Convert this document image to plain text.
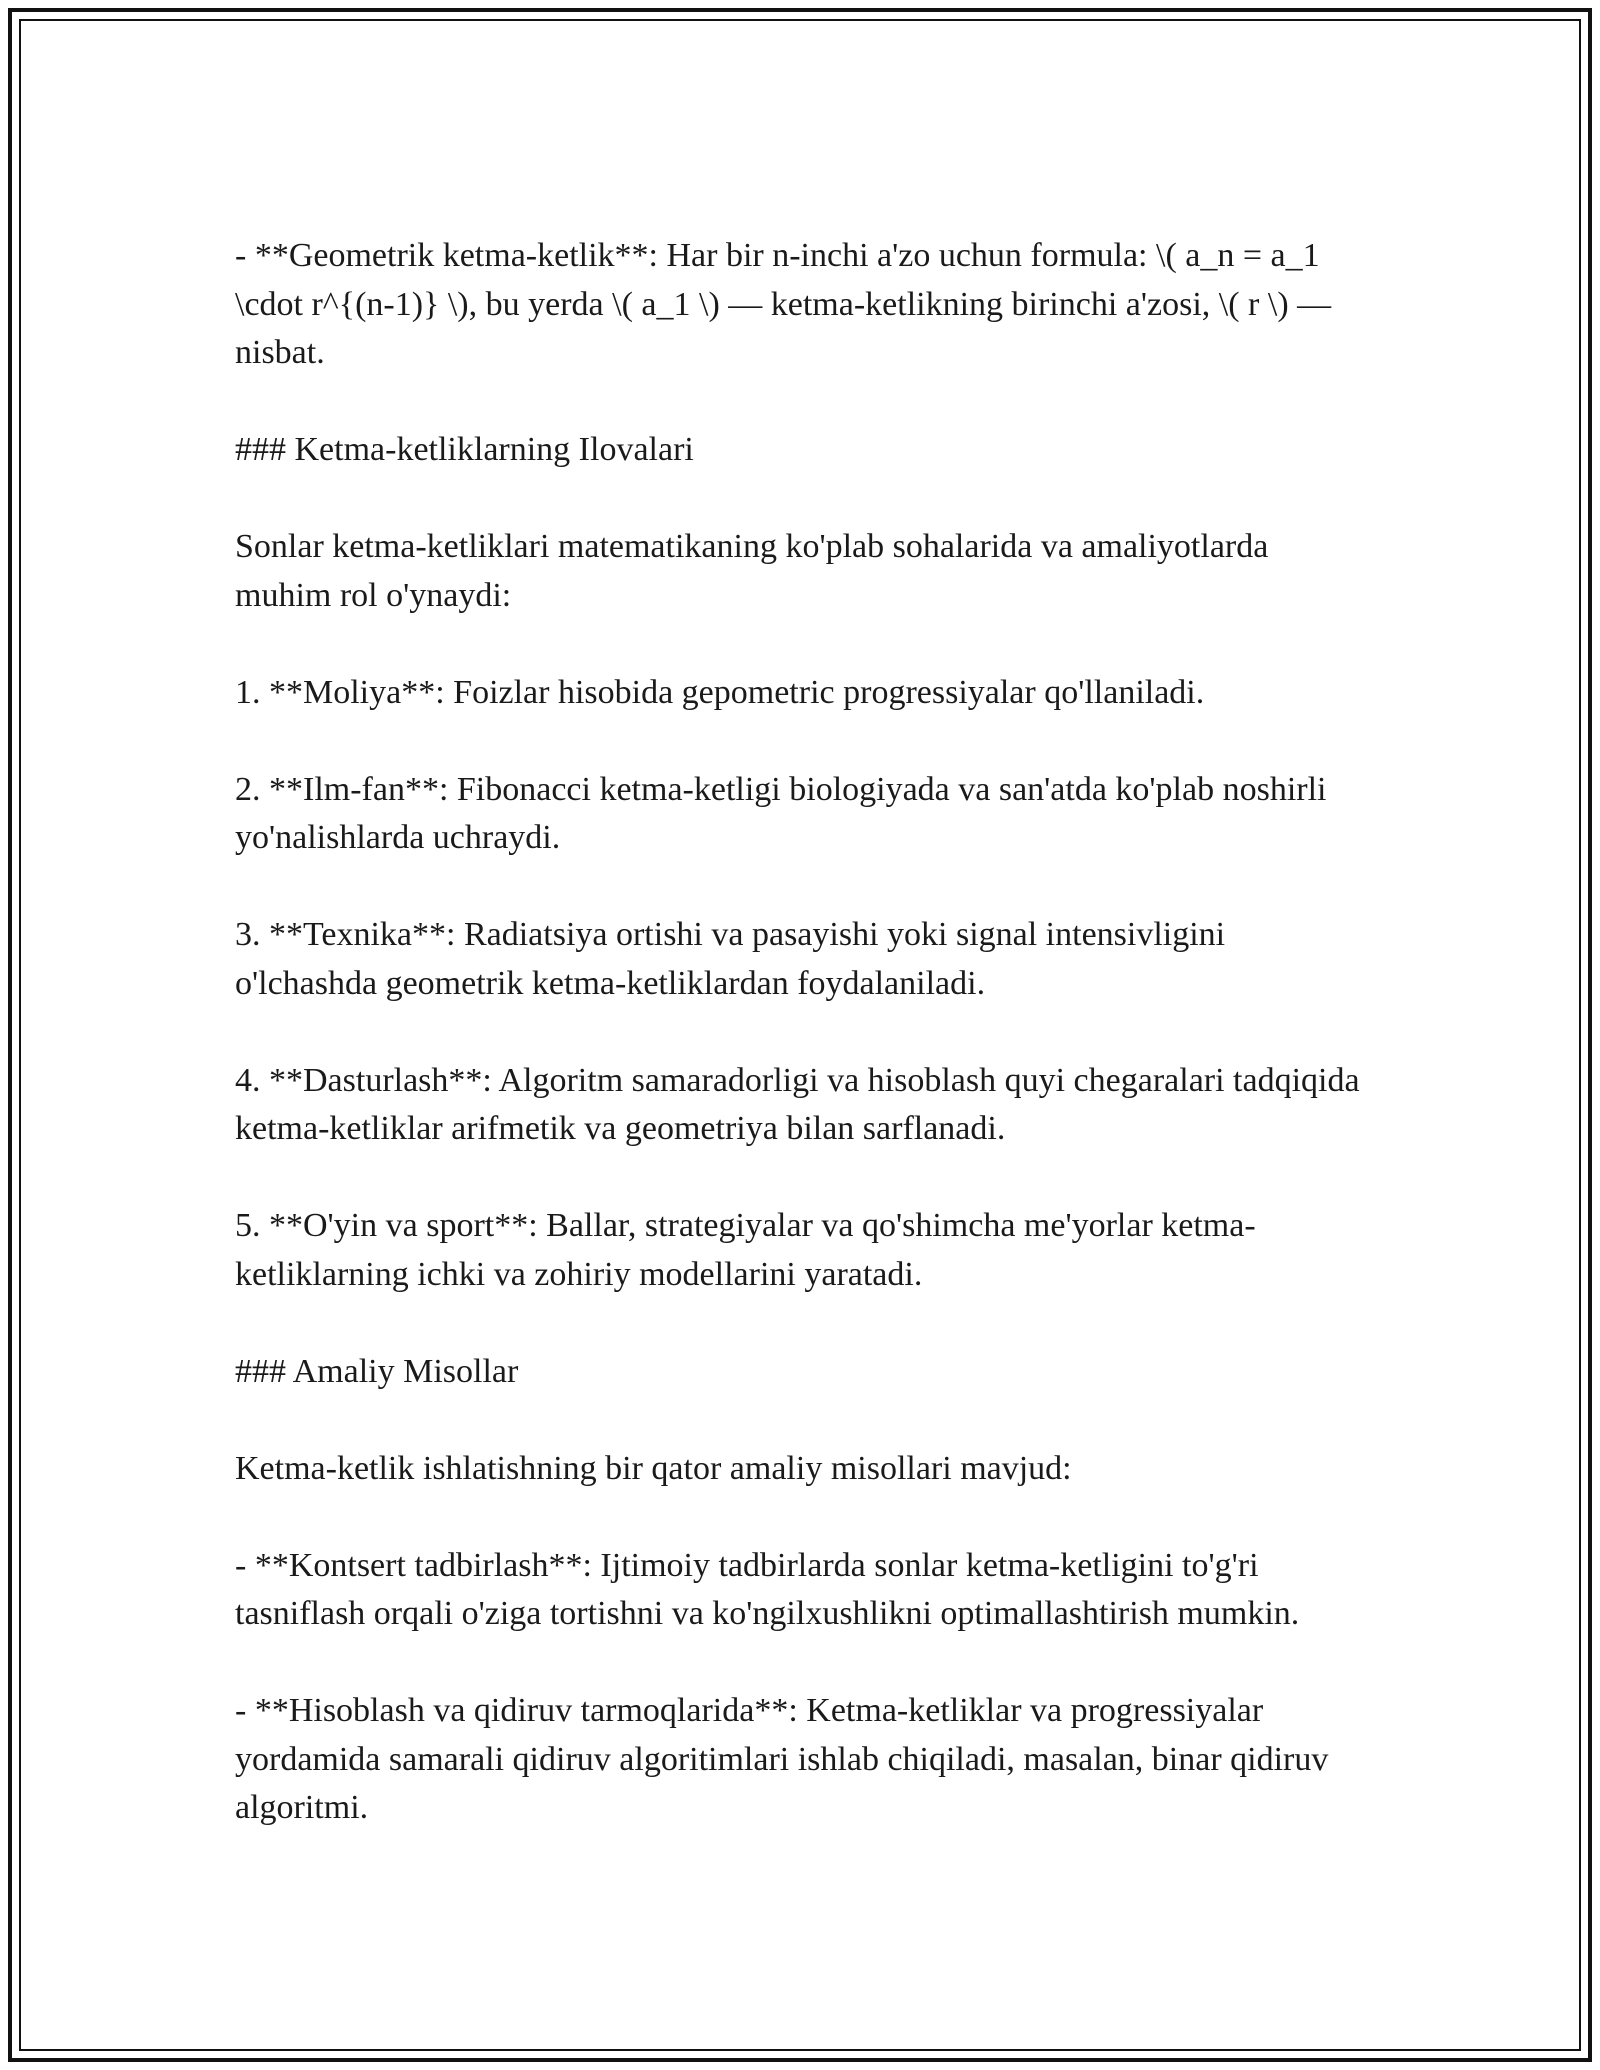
- **Geometrik ketma-ketlik**: Har bir n-inchi a'zo uchun formula: \( a_n = a_1 \cdot r^{(n-1)} \), bu yerda \( a_1 \) — ketma-ketlikning birinchi a'zosi, \( r \) — nisbat.

### Ketma-ketliklarning Ilovalari

Sonlar ketma-ketliklari matematikaning ko'plab sohalarida va amaliyotlarda muhim rol o'ynaydi:

1. **Moliya**: Foizlar hisobida gepometric progressiyalar qo'llaniladi.

2. **Ilm-fan**: Fibonacci ketma-ketligi biologiyada va san'atda ko'plab noshirli yo'nalishlarda uchraydi.

3. **Texnika**: Radiatsiya ortishi va pasayishi yoki signal intensivligini o'lchashda geometrik ketma-ketliklardan foydalaniladi.

4. **Dasturlash**: Algoritm samaradorligi va hisoblash quyi chegaralari tadqiqida ketma-ketliklar arifmetik va geometriya bilan sarflanadi.

5. **O'yin va sport**: Ballar, strategiyalar va qo'shimcha me'yorlar ketma-ketliklarning ichki va zohiriy modellarini yaratadi.

### Amaliy Misollar

Ketma-ketlik ishlatishning bir qator amaliy misollari mavjud:

- **Kontsert tadbirlash**: Ijtimoiy tadbirlarda sonlar ketma-ketligini to'g'ri tasniflash orqali o'ziga tortishni va ko'ngilxushlikni optimallashtirish mumkin.

- **Hisoblash va qidiruv tarmoqlarida**: Ketma-ketliklar va progressiyalar yordamida samarali qidiruv algoritimlari ishlab chiqiladi, masalan, binar qidiruv algoritmi.
